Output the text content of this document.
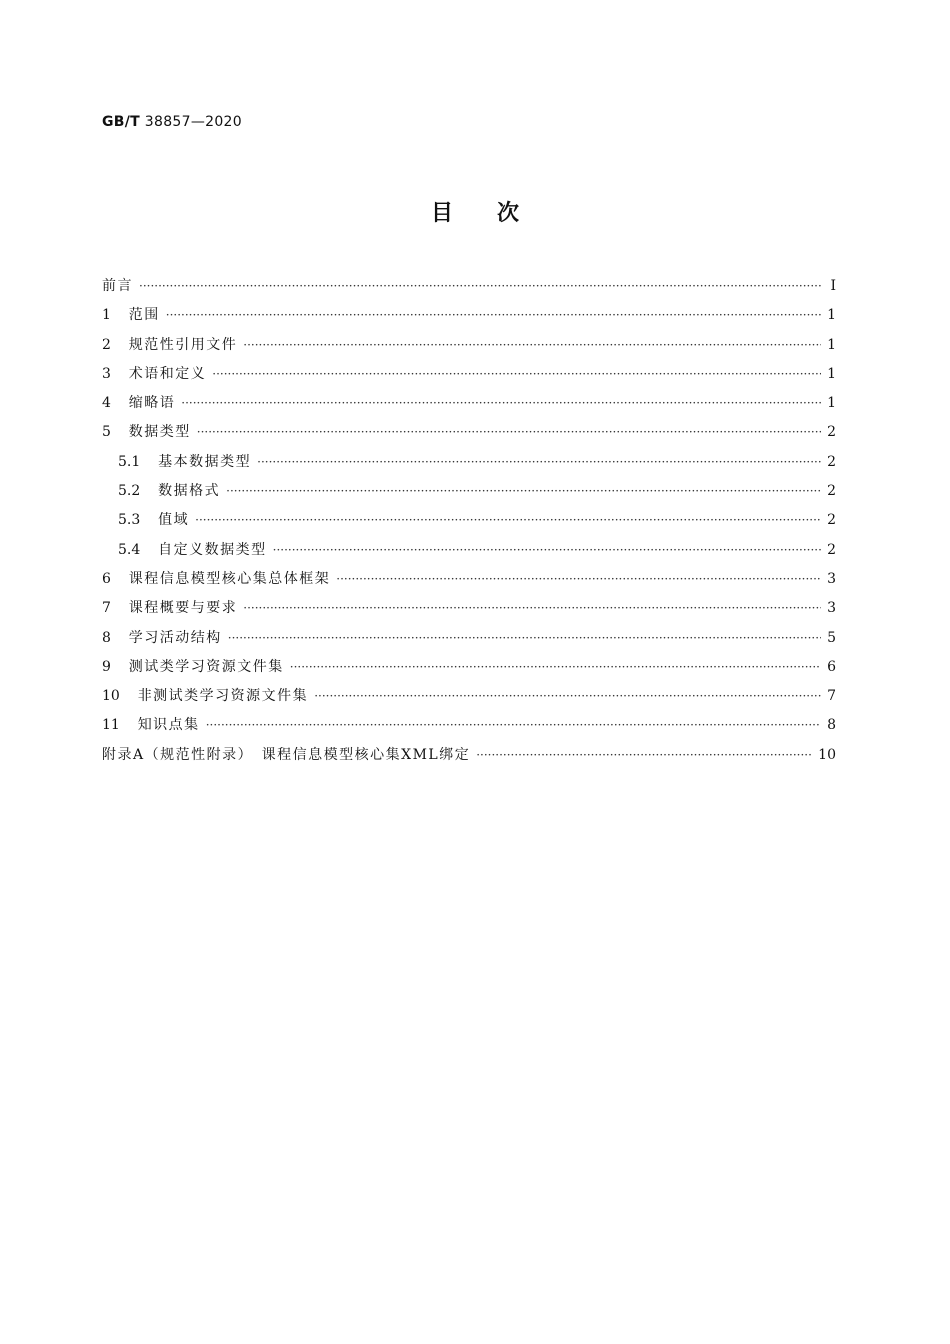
GB/T 38857—2020
目　　次
前言 ·····	Ⅰ
1 范围 ·····	1
2 规范性引用文件 ·····	1
3 术语和定义 ·····	1
4 缩略语 ·····	1
5 数据类型 ·····	2
5.1 基本数据类型 ·····	2
5.2 数据格式 ·····	2
5.3 值域 ·····	2
5.4 自定义数据类型 ·····	2
6 课程信息模型核心集总体框架 ·····	3
7 课程概要与要求 ·····	3
8 学习活动结构 ·····	5
9 测试类学习资源文件集 ·····	6
10 非测试类学习资源文件集 ·····	7
11 知识点集 ·····	8
附录A（规范性附录）　课程信息模型核心集XML绑定 ·····	10
